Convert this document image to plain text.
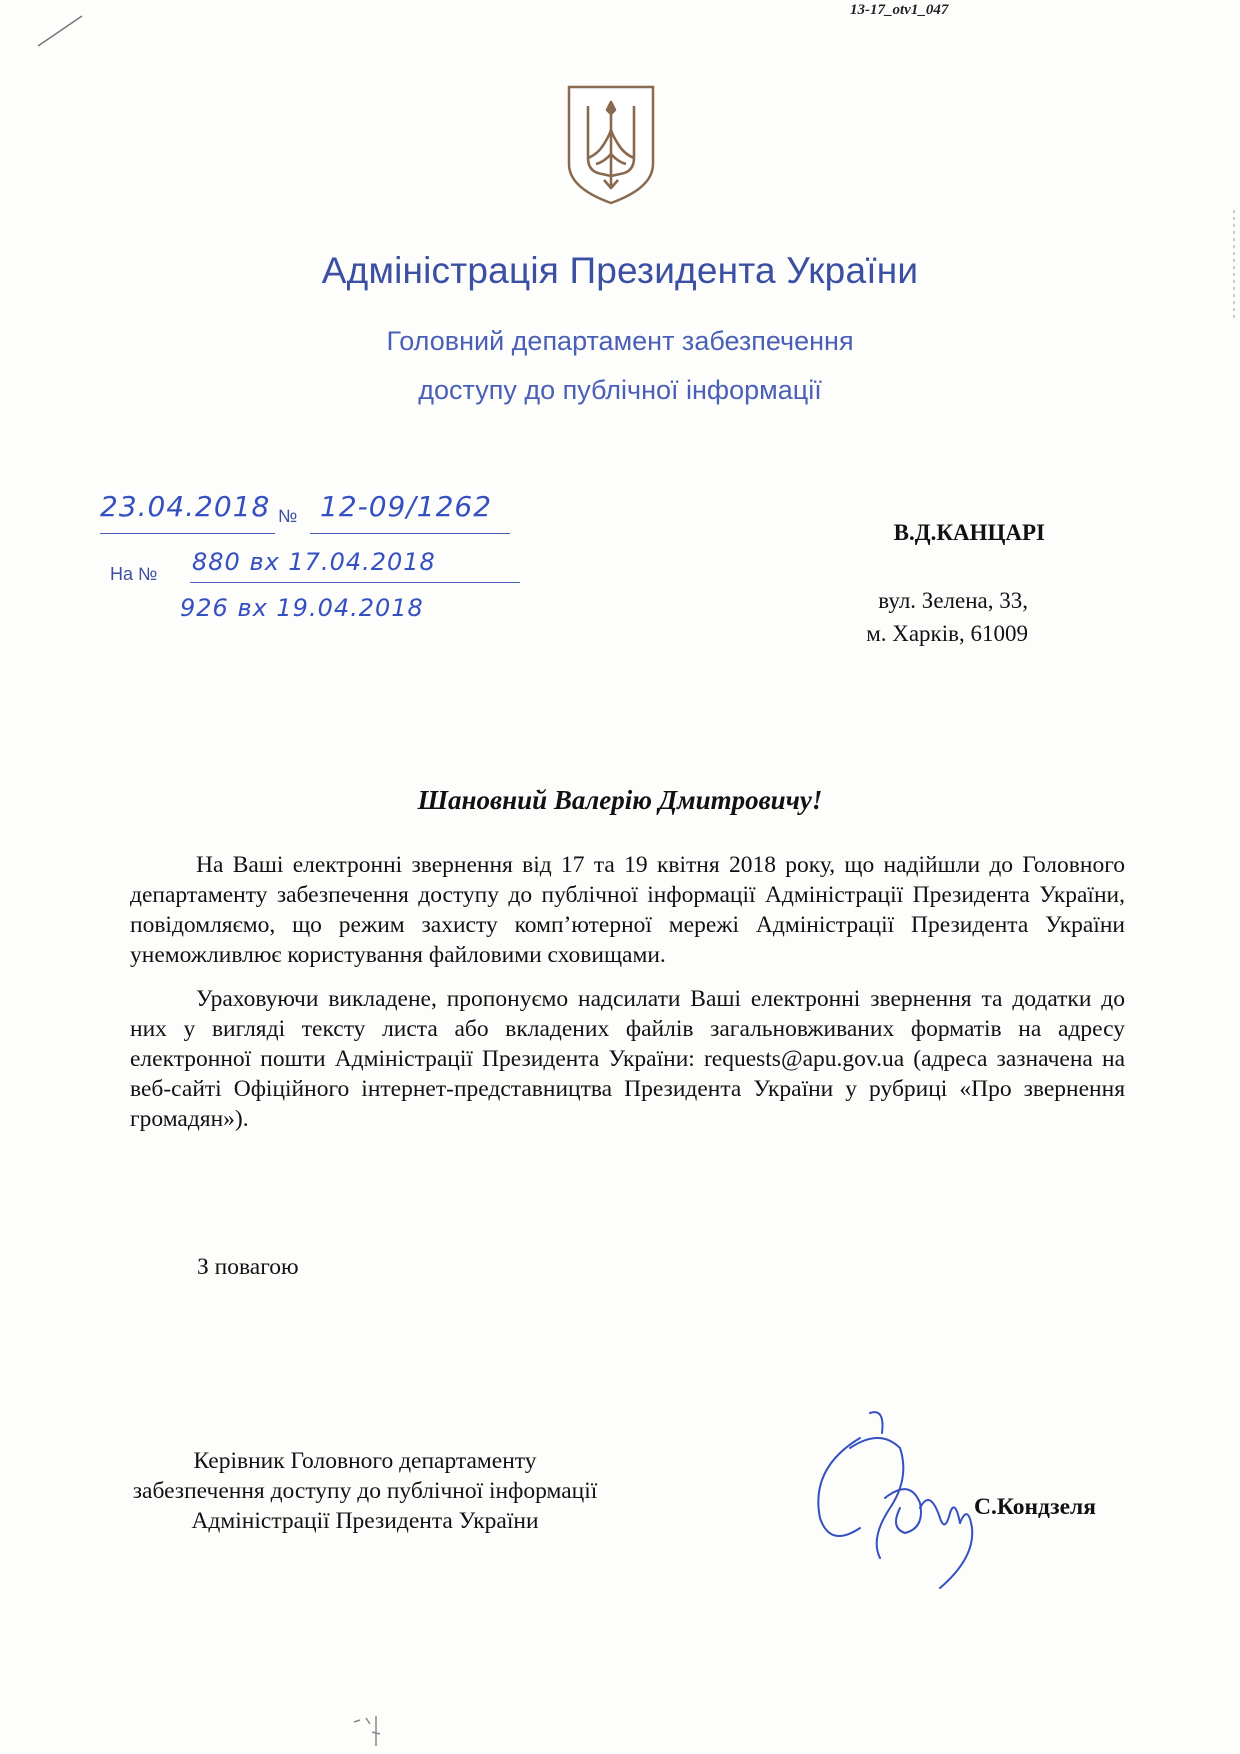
13-17_otv1_047
Адміністрація Президента України
Головний департамент забезпечення
доступу до публічної інформації
23.04.2018 № 12-09/1262
На № 880 вх 17.04.2018
926 вх 19.04.2018
В.Д.КАНЦАРІ
вул. Зелена, 33,
м. Харків, 61009
Шановний Валерію Дмитровичу!

На Ваші електронні звернення від 17 та 19 квітня 2018 року, що надійшли до Головного департаменту забезпечення доступу до публічної інформації Адміністрації Президента України, повідомляємо, що режим захисту комп’ютерної мережі Адміністрації Президента України унеможливлює користування файловими сховищами.

Ураховуючи викладене, пропонуємо надсилати Ваші електронні звернення та додатки до них у вигляді тексту листа або вкладених файлів загальновживаних форматів на адресу електронної пошти Адміністрації Президента України: requests@apu.gov.ua (адреса зазначена на веб-сайті Офіційного інтернет-представництва Президента України у рубриці «Про звернення громадян»).

З повагою
Керівник Головного департаменту
забезпечення доступу до публічної інформації
Адміністрації Президента України
С.Кондзеля
